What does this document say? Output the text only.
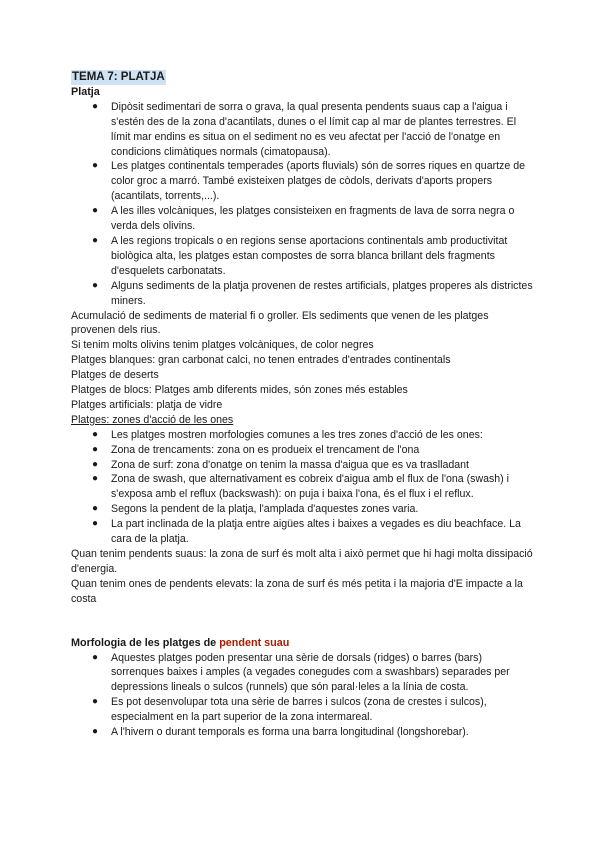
TEMA 7: PLATJA
Platja
● Dipòsit sedimentari de sorra o grava, la qual presenta pendents suaus cap a l'aigua i s'estén des de la zona d'acantilats, dunes o el límit cap al mar de plantes terrestres. El límit mar endins es situa on el sediment no es veu afectat per l'acció de l'onatge en condicions climàtiques normals (cimatopausa).
● Les platges continentals temperades (aports fluvials) són de sorres riques en quartze de color groc a marró. També existeixen platges de còdols, derivats d'aports propers (acantilats, torrents,...).
● A les illes volcàniques, les platges consisteixen en fragments de lava de sorra negra o verda dels olivins.
● A les regions tropicals o en regions sense aportacions continentals amb productivitat biològica alta, les platges estan compostes de sorra blanca brillant dels fragments d'esquelets carbonatats.
● Alguns sediments de la platja provenen de restes artificials, platges properes als districtes miners.

Acumulació de sediments de material fi o groller. Els sediments que venen de les platges provenen dels rius.

Si tenim molts olivins tenim platges volcàniques, de color negres

Platges blanques: gran carbonat calci, no tenen entrades d'entrades continentals

Platges de deserts

Platges de blocs: Platges amb diferents mides, són zones més estables

Platges artificials: platja de vidre

Platges: zones d'acció de les ones

● Les platges mostren morfologies comunes a les tres zones d'acció de les ones:
● Zona de trencaments: zona on es produeix el trencament de l'ona
● Zona de surf: zona d'onatge on tenim la massa d'aigua que es va traslladant
● Zona de swash, que alternativament es cobreix d'aigua amb el flux de l'ona (swash) i s'exposa amb el reflux (backswash): on puja i baixa l'ona, és el flux i el reflux.
● Segons la pendent de la platja, l'amplada d'aquestes zones varia.
● La part inclinada de la platja entre aigües altes i baixes a vegades es diu beachface. La cara de la platja.

Quan tenim pendents suaus: la zona de surf és molt alta i això permet que hi hagi molta dissipació d'energia.

Quan tenim ones de pendents elevats: la zona de surf és més petita i la majoria d'E impacte a la costa

Morfologia de les platges de pendent suau
● Aquestes platges poden presentar una sèrie de dorsals (ridges) o barres (bars) sorrenques baixes i amples (a vegades conegudes com a swashbars) separades per depressions lineals o sulcos (runnels) que són paral·leles a la línia de costa.
● Es pot desenvolupar tota una sèrie de barres i sulcos (zona de crestes i sulcos), especialment en la part superior de la zona intermareal.
● A l'hivern o durant temporals es forma una barra longitudinal (longshorebar).
